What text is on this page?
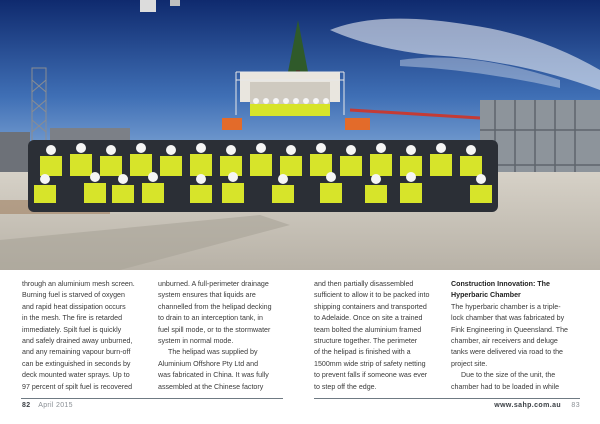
through an aluminium mesh screen.

Burning fuel is starved of oxygen

and rapid heat dissipation occurs

in the mesh. The fire is retarded

immediately. Spilt fuel is quickly

and safely drained away unburned,

and any remaining vapour burn-off

can be extinguished in seconds by

deck mounted water sprays. Up to

97 percent of spilt fuel is recovered

unburned. A full-perimeter drainage

system ensures that liquids are

channelled from the helipad decking

to drain to an interception tank, in

fuel spill mode, or to the stormwater

system in normal mode.

The helipad was supplied by

Aluminium Offshore Pty Ltd and

was fabricated in China. It was fully

assembled at the Chinese factory

and then partially disassembled

sufficient to allow it to be packed into

shipping containers and transported

to Adelaide. Once on site a trained

team bolted the aluminium framed

structure together. The perimeter

of the helipad is finished with a

1500mm wide strip of safety netting

to prevent falls if someone was ever

to step off the edge.

Construction Innovation: The

Hyperbaric Chamber

The hyperbaric chamber is a triple-

lock chamber that was fabricated by

Fink Engineering in Queensland. The

chamber, air receivers and deluge

tanks were delivered via road to the

project site.

Due to the size of the unit, the

chamber had to be loaded in while

82 April 2015	www.sahp.com.au 83
